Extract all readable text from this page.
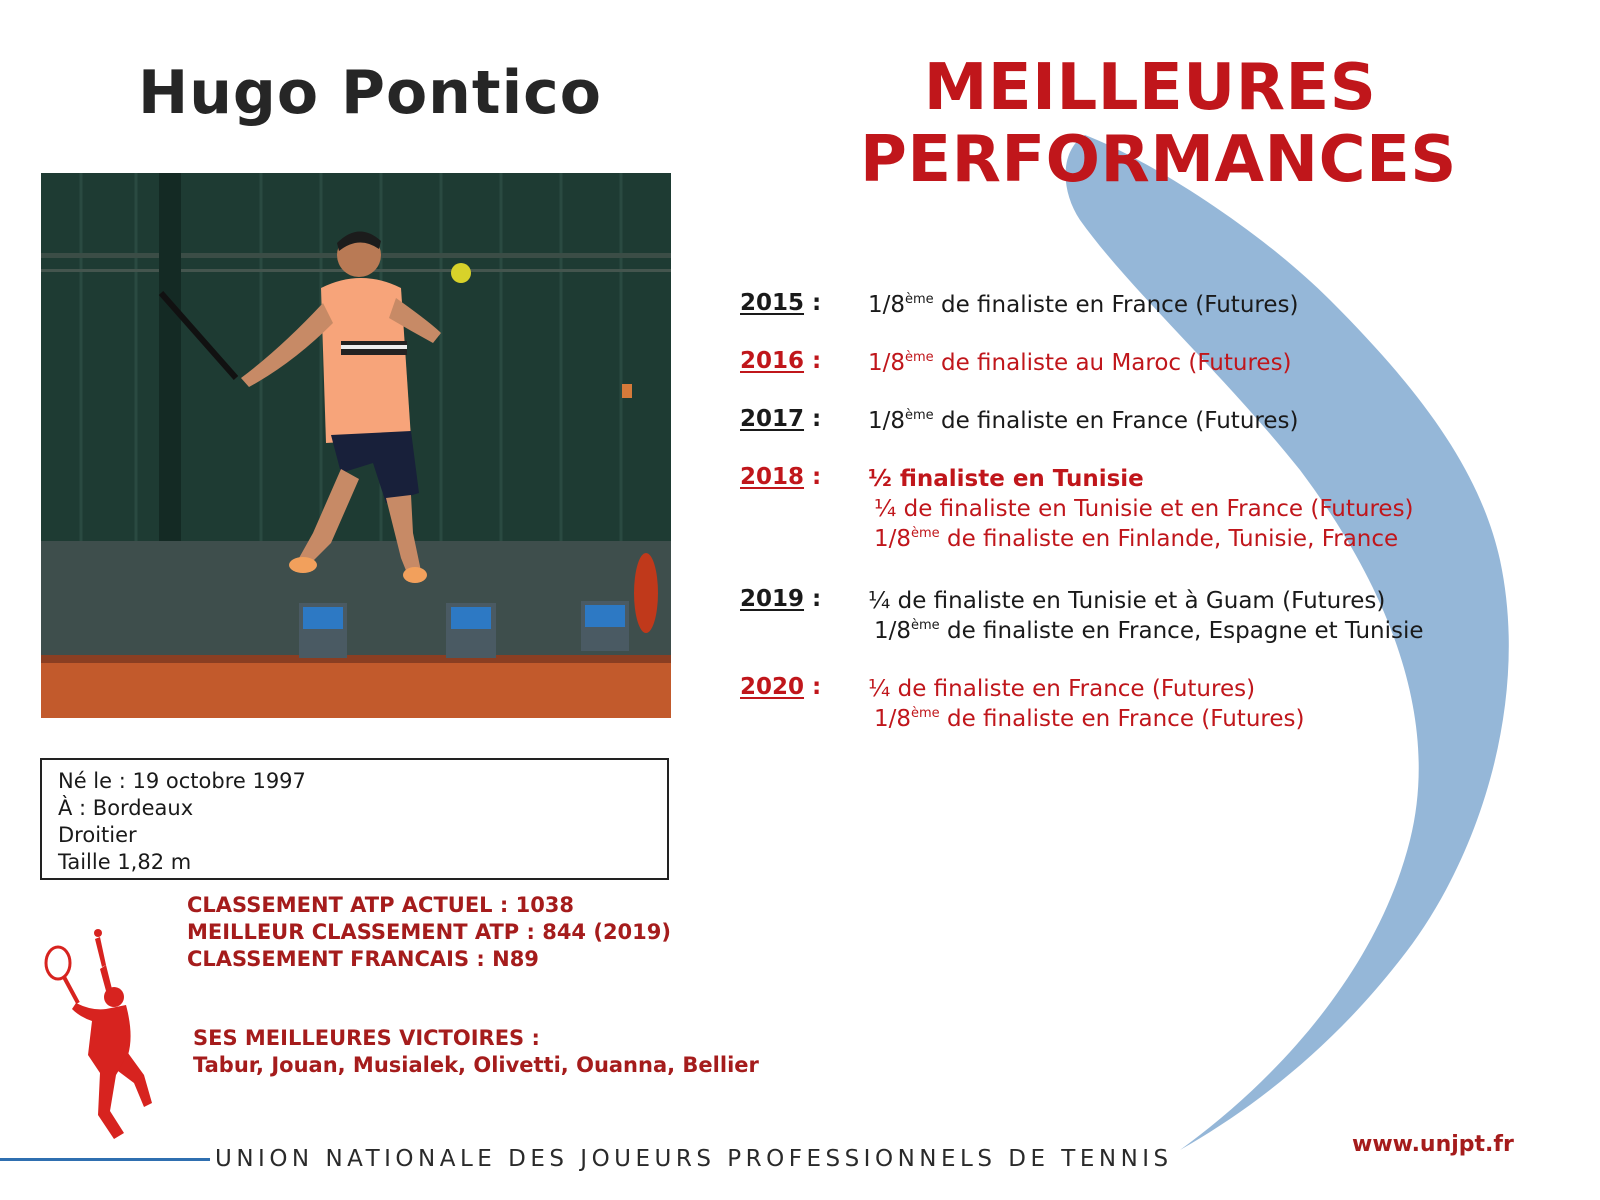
Hugo Pontico	MEILLEURES
PERFORMANCES
Né le : 19 octobre 1997
À : Bordeaux
Droitier
Taille 1,82 m
CLASSEMENT ATP ACTUEL : 1038
MEILLEUR CLASSEMENT ATP : 844 (2019)
CLASSEMENT FRANCAIS : N89
SES MEILLEURES VICTOIRES :
Tabur, Jouan, Musialek, Olivetti, Ouanna, Bellier
2015 : 1/8ème de finaliste en France (Futures)
2016 : 1/8ème de finaliste au Maroc (Futures)
2017 : 1/8ème de finaliste en France (Futures)
2018 : ½ finaliste en Tunisie
¼ de finaliste en Tunisie et en France (Futures)
1/8ème de finaliste en Finlande, Tunisie, France
2019 : ¼ de finaliste en Tunisie et à Guam (Futures)
1/8ème de finaliste en France, Espagne et Tunisie
2020 : ¼ de finaliste en France (Futures)
1/8ème de finaliste en France (Futures)
UNION NATIONALE DES JOUEURS PROFESSIONNELS DE TENNIS
www.unjpt.fr
